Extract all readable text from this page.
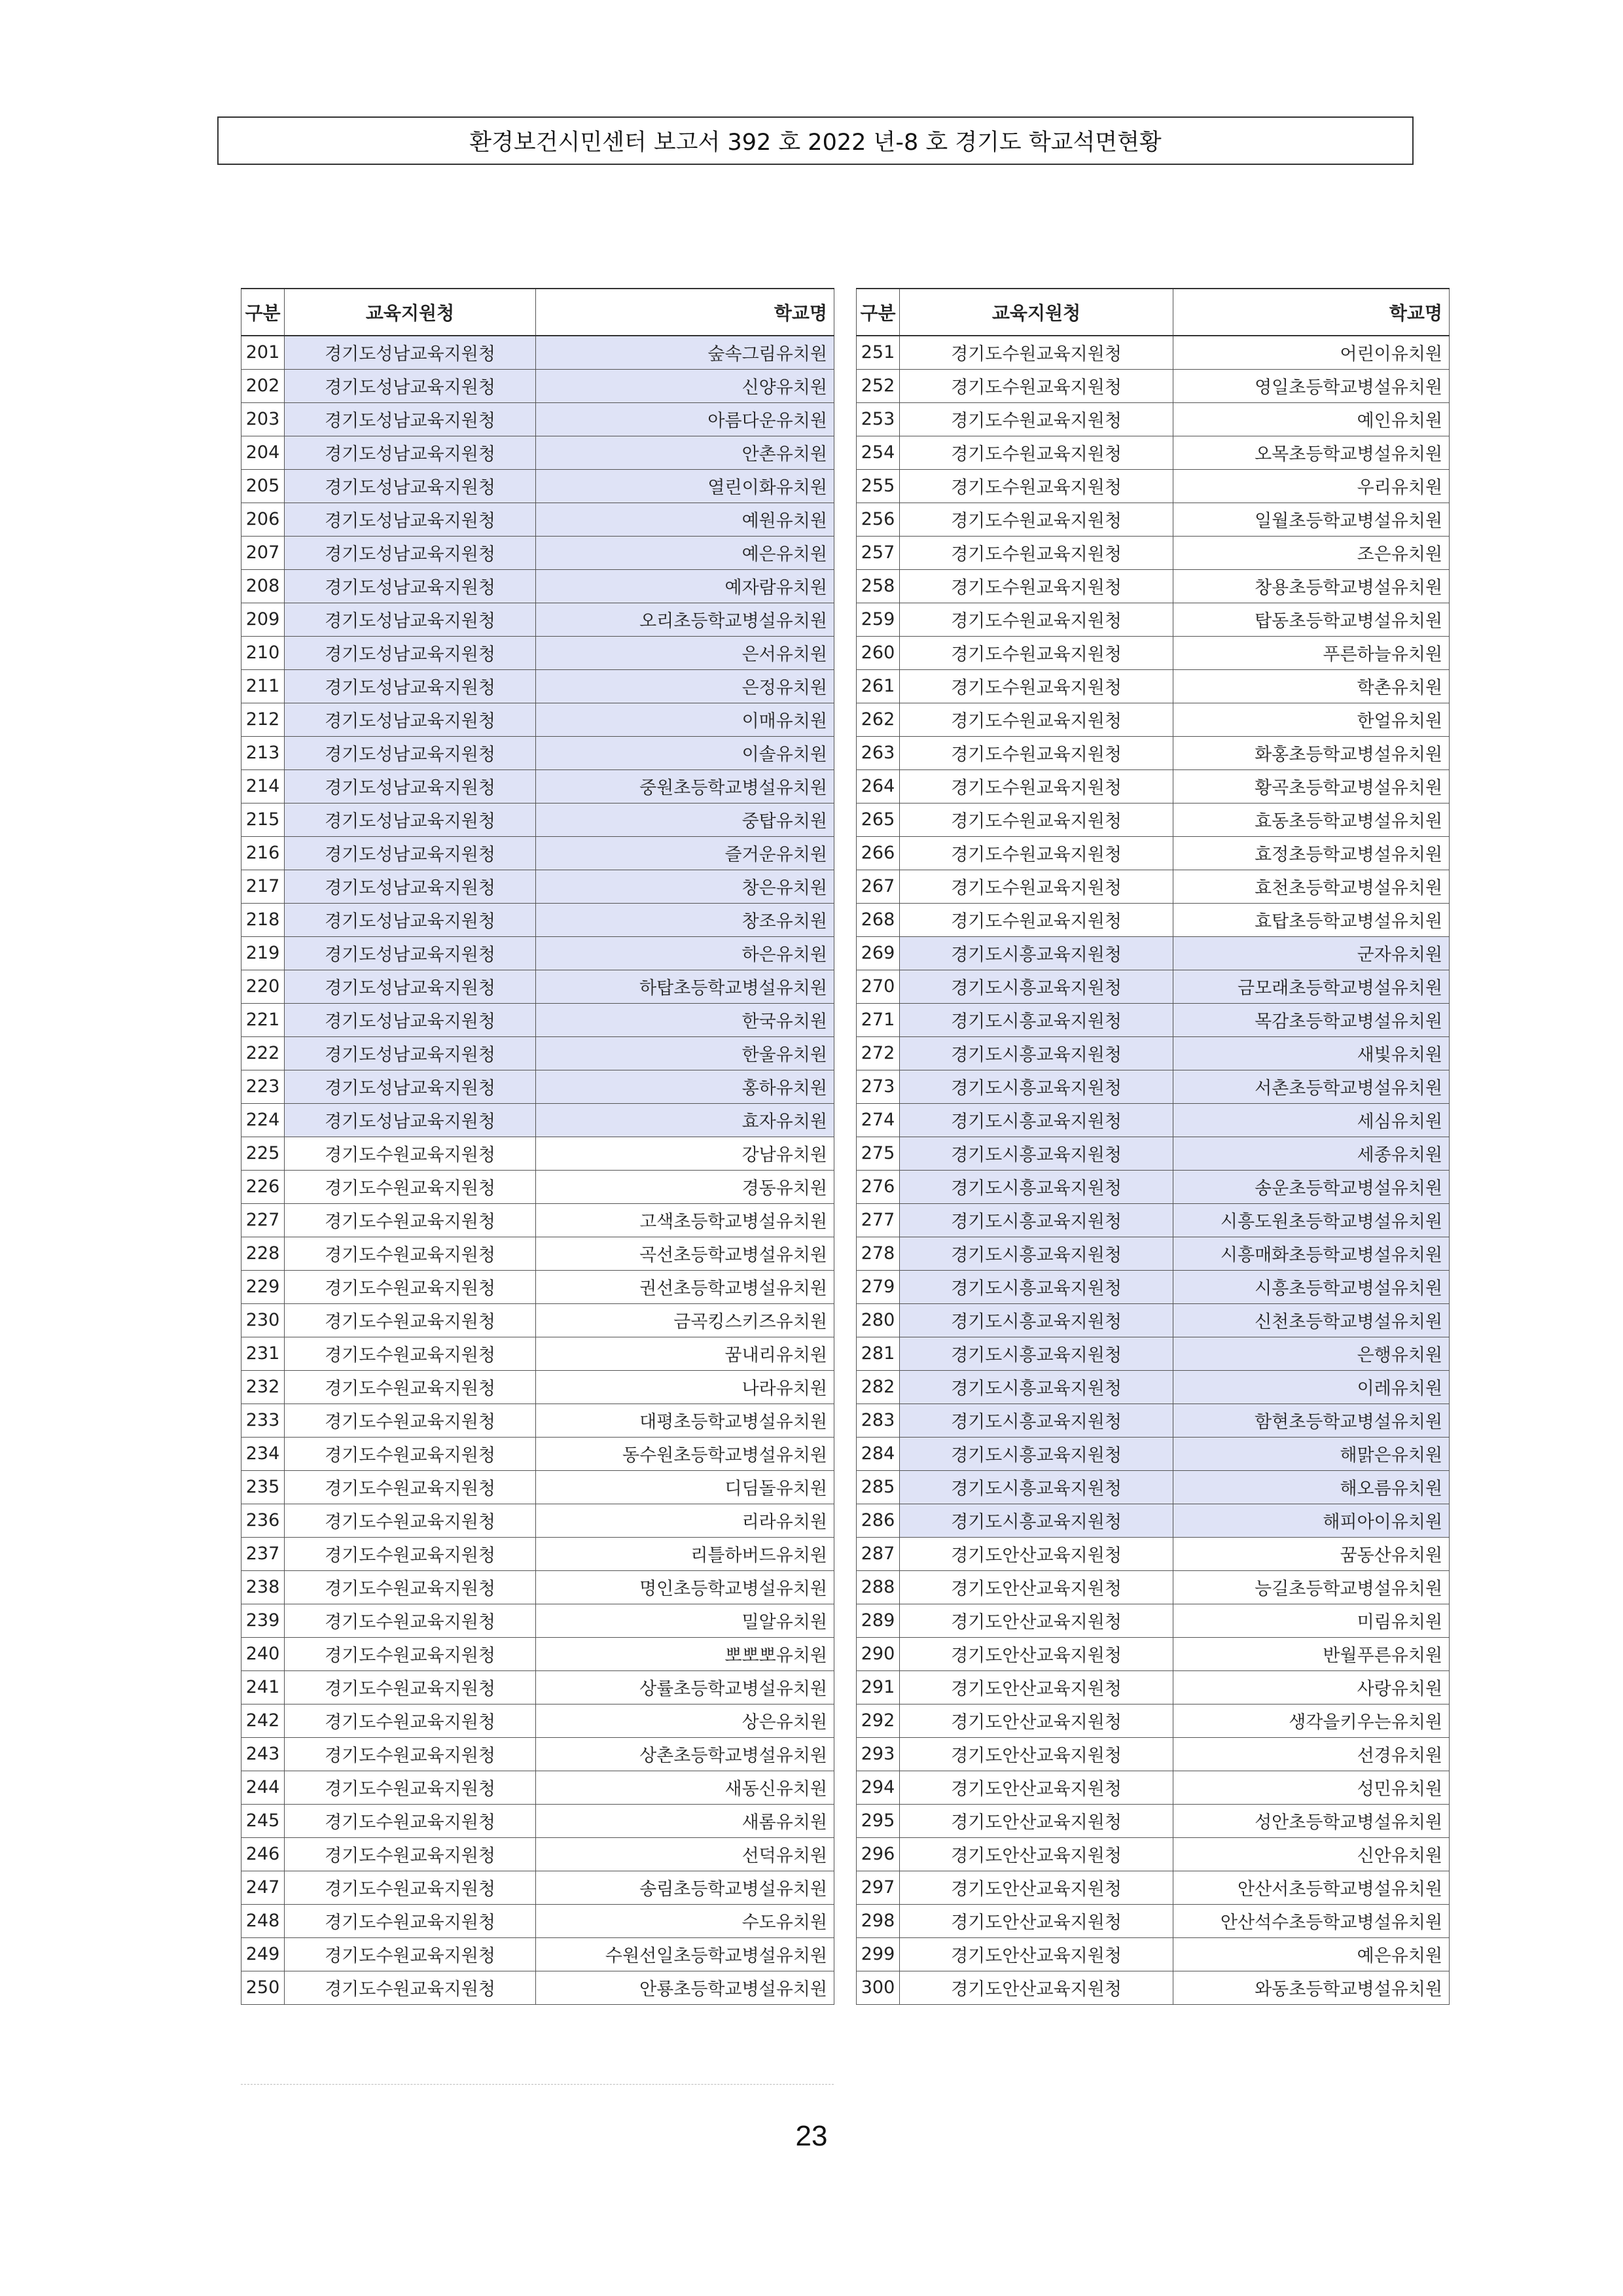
환경보건시민센터 보고서 392 호 2022 년-8 호 경기도 학교석면현황
구분	교육지원청	학교명
201	경기도성남교육지원청	숲속그림유치원
202	경기도성남교육지원청	신양유치원
203	경기도성남교육지원청	아름다운유치원
204	경기도성남교육지원청	안촌유치원
205	경기도성남교육지원청	열린이화유치원
206	경기도성남교육지원청	예원유치원
207	경기도성남교육지원청	예은유치원
208	경기도성남교육지원청	예자람유치원
209	경기도성남교육지원청	오리초등학교병설유치원
210	경기도성남교육지원청	은서유치원
211	경기도성남교육지원청	은정유치원
212	경기도성남교육지원청	이매유치원
213	경기도성남교육지원청	이솔유치원
214	경기도성남교육지원청	중원초등학교병설유치원
215	경기도성남교육지원청	중탑유치원
216	경기도성남교육지원청	즐거운유치원
217	경기도성남교육지원청	창은유치원
218	경기도성남교육지원청	창조유치원
219	경기도성남교육지원청	하은유치원
220	경기도성남교육지원청	하탑초등학교병설유치원
221	경기도성남교육지원청	한국유치원
222	경기도성남교육지원청	한울유치원
223	경기도성남교육지원청	홍하유치원
224	경기도성남교육지원청	효자유치원
225	경기도수원교육지원청	강남유치원
226	경기도수원교육지원청	경동유치원
227	경기도수원교육지원청	고색초등학교병설유치원
228	경기도수원교육지원청	곡선초등학교병설유치원
229	경기도수원교육지원청	권선초등학교병설유치원
230	경기도수원교육지원청	금곡킹스키즈유치원
231	경기도수원교육지원청	꿈내리유치원
232	경기도수원교육지원청	나라유치원
233	경기도수원교육지원청	대평초등학교병설유치원
234	경기도수원교육지원청	동수원초등학교병설유치원
235	경기도수원교육지원청	디딤돌유치원
236	경기도수원교육지원청	리라유치원
237	경기도수원교육지원청	리틀하버드유치원
238	경기도수원교육지원청	명인초등학교병설유치원
239	경기도수원교육지원청	밀알유치원
240	경기도수원교육지원청	뽀뽀뽀유치원
241	경기도수원교육지원청	상률초등학교병설유치원
242	경기도수원교육지원청	상은유치원
243	경기도수원교육지원청	상촌초등학교병설유치원
244	경기도수원교육지원청	새동신유치원
245	경기도수원교육지원청	새롬유치원
246	경기도수원교육지원청	선덕유치원
247	경기도수원교육지원청	송림초등학교병설유치원
248	경기도수원교육지원청	수도유치원
249	경기도수원교육지원청	수원선일초등학교병설유치원
250	경기도수원교육지원청	안룡초등학교병설유치원
구분	교육지원청	학교명
251	경기도수원교육지원청	어린이유치원
252	경기도수원교육지원청	영일초등학교병설유치원
253	경기도수원교육지원청	예인유치원
254	경기도수원교육지원청	오목초등학교병설유치원
255	경기도수원교육지원청	우리유치원
256	경기도수원교육지원청	일월초등학교병설유치원
257	경기도수원교육지원청	조은유치원
258	경기도수원교육지원청	창용초등학교병설유치원
259	경기도수원교육지원청	탑동초등학교병설유치원
260	경기도수원교육지원청	푸른하늘유치원
261	경기도수원교육지원청	학촌유치원
262	경기도수원교육지원청	한얼유치원
263	경기도수원교육지원청	화홍초등학교병설유치원
264	경기도수원교육지원청	황곡초등학교병설유치원
265	경기도수원교육지원청	효동초등학교병설유치원
266	경기도수원교육지원청	효정초등학교병설유치원
267	경기도수원교육지원청	효천초등학교병설유치원
268	경기도수원교육지원청	효탑초등학교병설유치원
269	경기도시흥교육지원청	군자유치원
270	경기도시흥교육지원청	금모래초등학교병설유치원
271	경기도시흥교육지원청	목감초등학교병설유치원
272	경기도시흥교육지원청	새빛유치원
273	경기도시흥교육지원청	서촌초등학교병설유치원
274	경기도시흥교육지원청	세심유치원
275	경기도시흥교육지원청	세종유치원
276	경기도시흥교육지원청	송운초등학교병설유치원
277	경기도시흥교육지원청	시흥도원초등학교병설유치원
278	경기도시흥교육지원청	시흥매화초등학교병설유치원
279	경기도시흥교육지원청	시흥초등학교병설유치원
280	경기도시흥교육지원청	신천초등학교병설유치원
281	경기도시흥교육지원청	은행유치원
282	경기도시흥교육지원청	이레유치원
283	경기도시흥교육지원청	함현초등학교병설유치원
284	경기도시흥교육지원청	해맑은유치원
285	경기도시흥교육지원청	해오름유치원
286	경기도시흥교육지원청	해피아이유치원
287	경기도안산교육지원청	꿈동산유치원
288	경기도안산교육지원청	능길초등학교병설유치원
289	경기도안산교육지원청	미림유치원
290	경기도안산교육지원청	반월푸른유치원
291	경기도안산교육지원청	사랑유치원
292	경기도안산교육지원청	생각을키우는유치원
293	경기도안산교육지원청	선경유치원
294	경기도안산교육지원청	성민유치원
295	경기도안산교육지원청	성안초등학교병설유치원
296	경기도안산교육지원청	신안유치원
297	경기도안산교육지원청	안산서초등학교병설유치원
298	경기도안산교육지원청	안산석수초등학교병설유치원
299	경기도안산교육지원청	예은유치원
300	경기도안산교육지원청	와동초등학교병설유치원
23
